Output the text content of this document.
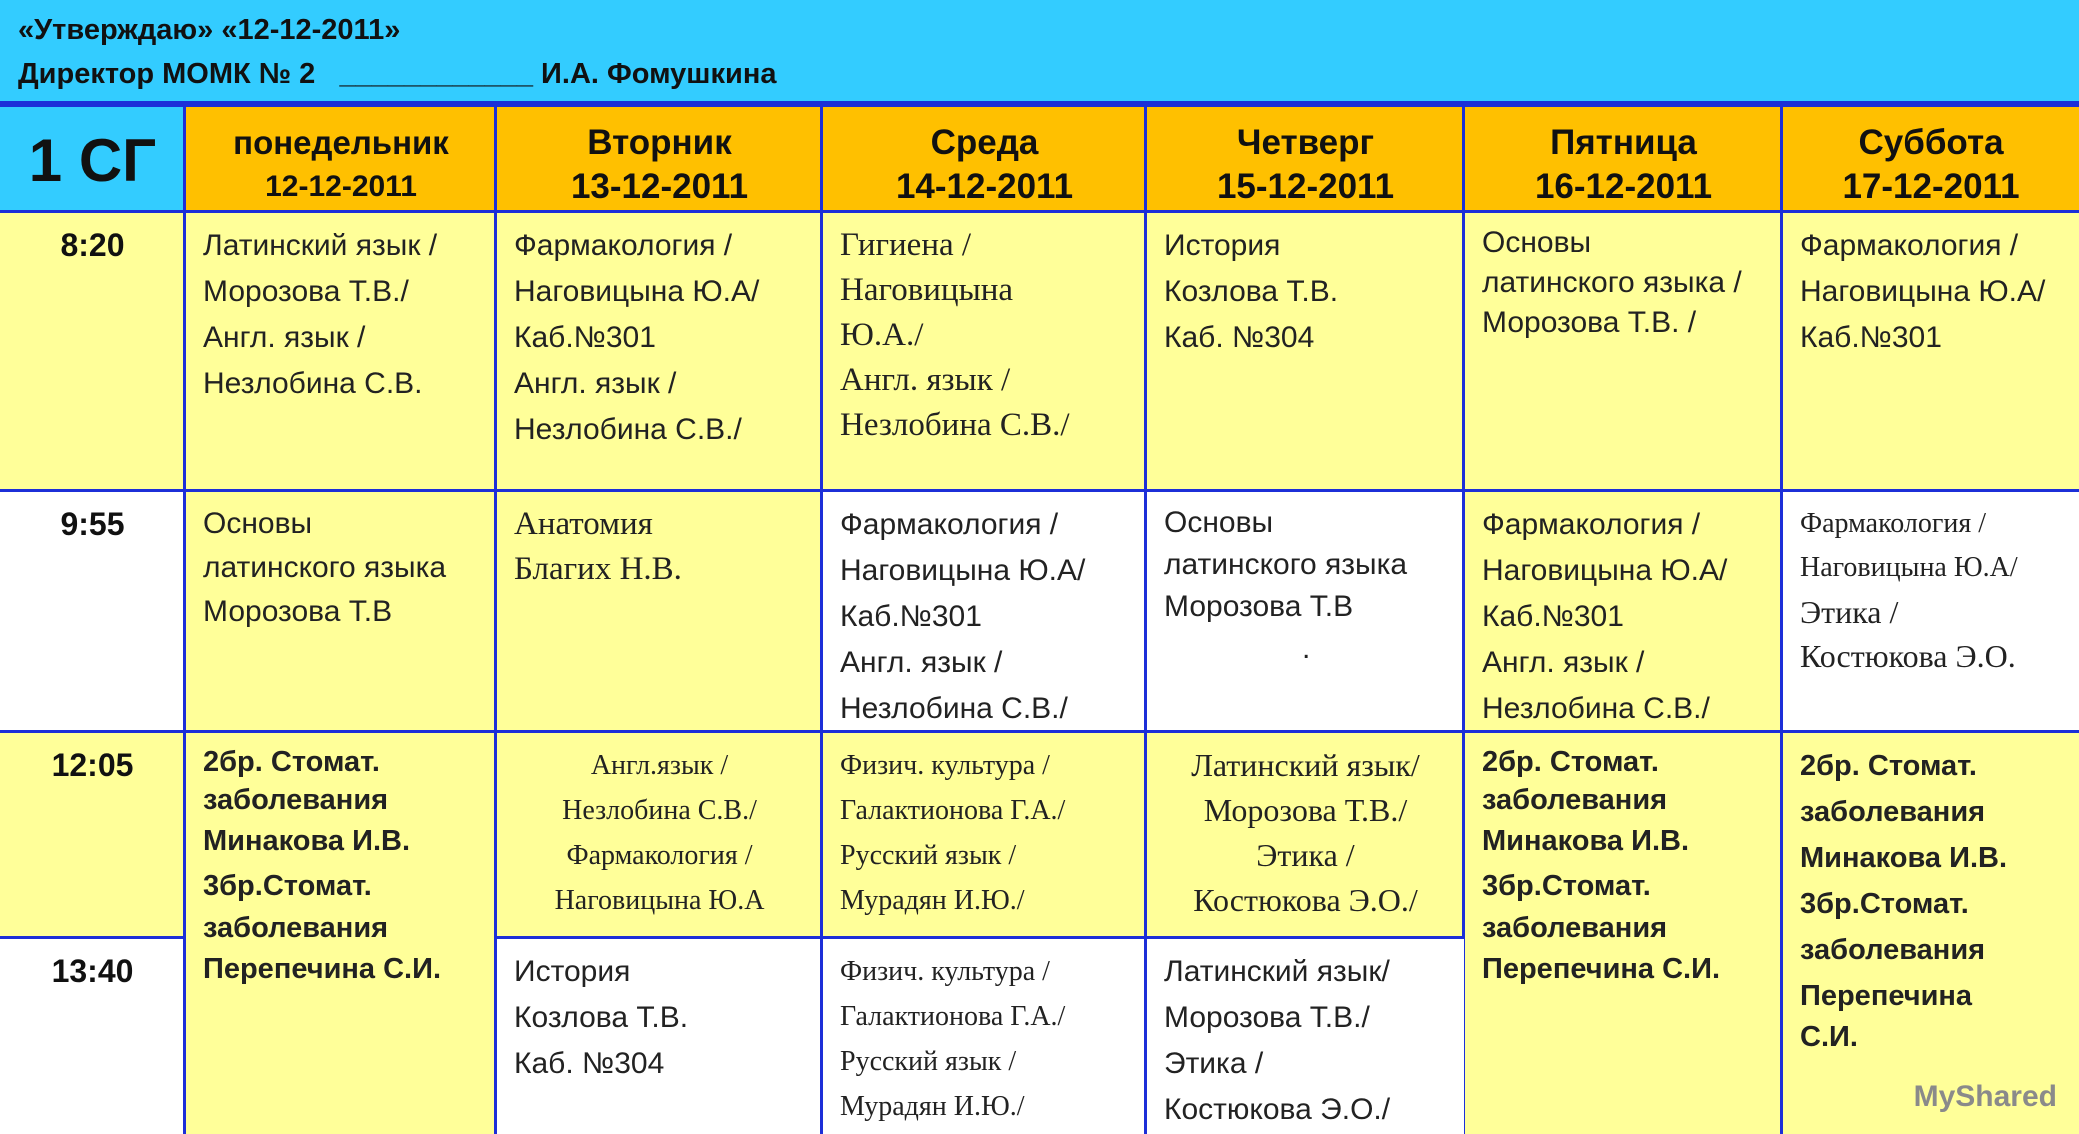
«Утверждаю» «12-12-2011»
Директор МОМК № 2   ____________ И.А. Фомушкина
1 СГ	понедельник
12-12-2011
Вторник
13-12-2011
Среда
14-12-2011
Четверг
15-12-2011
Пятница
16-12-2011
Суббота
17-12-2011
8:20
9:55
12:05
13:40
Латинский язык /
Морозова Т.В./
Англ. язык /
Незлобина С.В.
Фармакология /
Наговицына Ю.А/
Каб.№301
Англ. язык /
Незлобина С.В./
Гигиена /
Наговицына
Ю.А./
Англ. язык /
Незлобина С.В./
История
Козлова Т.В.
Каб. №304
Основы
латинского языка /
Морозова Т.В. /
Фармакология /
Наговицына Ю.А/
Каб.№301
Основы
латинского языка
Морозова Т.В
Анатомия
Благих Н.В.
Фармакология /
Наговицына Ю.А/
Каб.№301
Англ. язык /
Незлобина С.В./
Основы
латинского языка
Морозова Т.В
.
Фармакология /
Наговицына Ю.А/
Каб.№301
Англ. язык /
Незлобина С.В./
Фармакология /
Наговицына Ю.А/
Этика /
Костюкова Э.О.
2бр. Стомат.
заболевания
Минакова И.В.
3бр.Стомат.
заболевания
Перепечина С.И.
Англ.язык /
Незлобина С.В./
Фармакология /
Наговицына Ю.А
Физич. культура /
Галактионова Г.А./
Русский язык /
Мурадян И.Ю./
Латинский язык/
Морозова Т.В./
Этика /
Костюкова Э.О./
2бр. Стомат.
заболевания
Минакова И.В.
3бр.Стомат.
заболевания
Перепечина С.И.
2бр. Стомат.
заболевания
Минакова И.В.
3бр.Стомат.
заболевания
Перепечина
С.И.
История
Козлова Т.В.
Каб. №304
Физич. культура /
Галактионова Г.А./
Русский язык /
Мурадян И.Ю./
Латинский язык/
Морозова Т.В./
Этика /
Костюкова Э.О./	MyShared
